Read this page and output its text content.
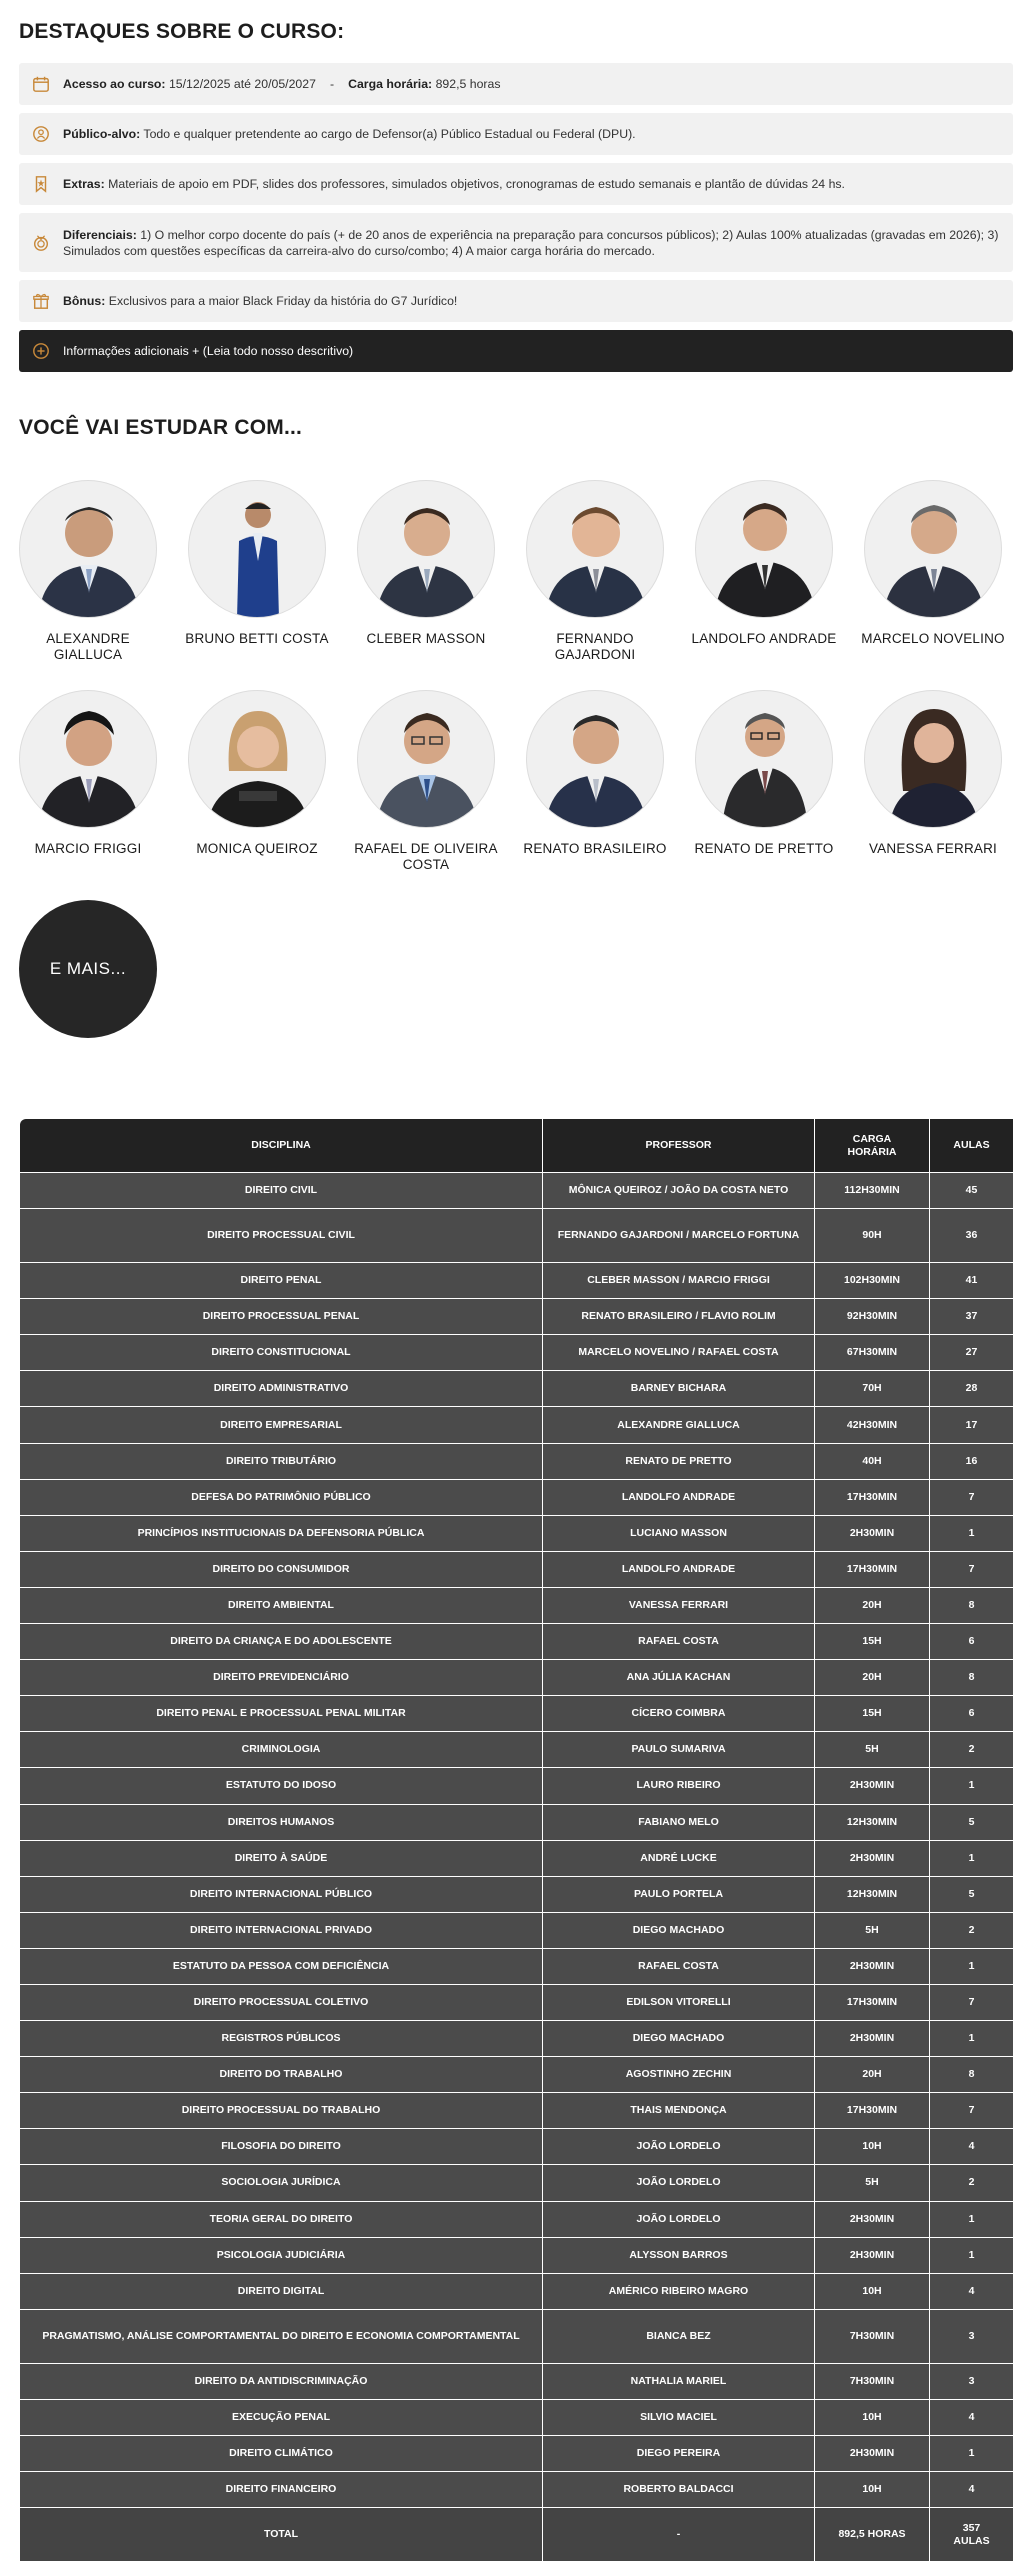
DESTAQUES SOBRE O CURSO:
Acesso ao curso: 15/12/2025 até 20/05/2027 - Carga horária: 892,5 horas
Público-alvo: Todo e qualquer pretendente ao cargo de Defensor(a) Público Estadual ou Federal (DPU).
Extras: Materiais de apoio em PDF, slides dos professores, simulados objetivos, cronogramas de estudo semanais e plantão de dúvidas 24 hs.
Diferenciais: 1) O melhor corpo docente do país (+ de 20 anos de experiência na preparação para concursos públicos); 2) Aulas 100% atualizadas (gravadas em 2026); 3) Simulados com questões específicas da carreira-alvo do curso/combo; 4) A maior carga horária do mercado.
Bônus: Exclusivos para a maior Black Friday da história do G7 Jurídico!
Informações adicionais + (Leia todo nosso descritivo)
VOCÊ VAI ESTUDAR COM...
ALEXANDRE GIALLUCA
BRUNO BETTI COSTA	CLEBER MASSON	FERNANDO GAJARDONI
LANDOLFO ANDRADE MARCELO NOVELINO
MARCIO FRIGGI	MONICA QUEIROZ	RAFAEL DE OLIVEIRA COSTA
RENATO BRASILEIRO	RENATO DE PRETTO	VANESSA FERRARI
E MAIS...
DISCIPLINA	PROFESSOR	CARGA HORÁRIA	AULAS
DIREITO CIVIL	MÔNICA QUEIROZ / JOÃO DA COSTA NETO	112H30MIN	45
DIREITO PROCESSUAL CIVIL	FERNANDO GAJARDONI / MARCELO FORTUNA	90H	36
DIREITO PENAL	CLEBER MASSON / MARCIO FRIGGI	102H30MIN	41
DIREITO PROCESSUAL PENAL	RENATO BRASILEIRO / FLAVIO ROLIM	92H30MIN	37
DIREITO CONSTITUCIONAL	MARCELO NOVELINO / RAFAEL COSTA	67H30MIN	27
DIREITO ADMINISTRATIVO	BARNEY BICHARA	70H	28
DIREITO EMPRESARIAL	ALEXANDRE GIALLUCA	42H30MIN	17
DIREITO TRIBUTÁRIO	RENATO DE PRETTO	40H	16
DEFESA DO PATRIMÔNIO PÚBLICO	LANDOLFO ANDRADE	17H30MIN	7
PRINCÍPIOS INSTITUCIONAIS DA DEFENSORIA PÚBLICA	LUCIANO MASSON	2H30MIN	1
DIREITO DO CONSUMIDOR	LANDOLFO ANDRADE	17H30MIN	7
DIREITO AMBIENTAL	VANESSA FERRARI	20H	8
DIREITO DA CRIANÇA E DO ADOLESCENTE	RAFAEL COSTA	15H	6
DIREITO PREVIDENCIÁRIO	ANA JÚLIA KACHAN	20H	8
DIREITO PENAL E PROCESSUAL PENAL MILITAR	CÍCERO COIMBRA	15H	6
CRIMINOLOGIA	PAULO SUMARIVA	5H	2
ESTATUTO DO IDOSO	LAURO RIBEIRO	2H30MIN	1
DIREITOS HUMANOS	FABIANO MELO	12H30MIN	5
DIREITO À SAÚDE	ANDRÉ LUCKE	2H30MIN	1
DIREITO INTERNACIONAL PÚBLICO	PAULO PORTELA	12H30MIN	5
DIREITO INTERNACIONAL PRIVADO	DIEGO MACHADO	5H	2
ESTATUTO DA PESSOA COM DEFICIÊNCIA	RAFAEL COSTA	2H30MIN	1
DIREITO PROCESSUAL COLETIVO	EDILSON VITORELLI	17H30MIN	7
REGISTROS PÚBLICOS	DIEGO MACHADO	2H30MIN	1
DIREITO DO TRABALHO	AGOSTINHO ZECHIN	20H	8
DIREITO PROCESSUAL DO TRABALHO	THAIS MENDONÇA	17H30MIN	7
FILOSOFIA DO DIREITO	JOÃO LORDELO	10H	4
SOCIOLOGIA JURÍDICA	JOÃO LORDELO	5H	2
TEORIA GERAL DO DIREITO	JOÃO LORDELO	2H30MIN	1
PSICOLOGIA JUDICIÁRIA	ALYSSON BARROS	2H30MIN	1
DIREITO DIGITAL	AMÉRICO RIBEIRO MAGRO	10H	4
PRAGMATISMO, ANÁLISE COMPORTAMENTAL DO DIREITO E ECONOMIA COMPORTAMENTAL	BIANCA BEZ	7H30MIN	3
DIREITO DA ANTIDISCRIMINAÇÃO	NATHALIA MARIEL	7H30MIN	3
EXECUÇÃO PENAL	SILVIO MACIEL	10H	4
DIREITO CLIMÁTICO	DIEGO PEREIRA	2H30MIN	1
DIREITO FINANCEIRO	ROBERTO BALDACCI	10H	4
TOTAL	-	892,5 HORAS	357 AULAS
